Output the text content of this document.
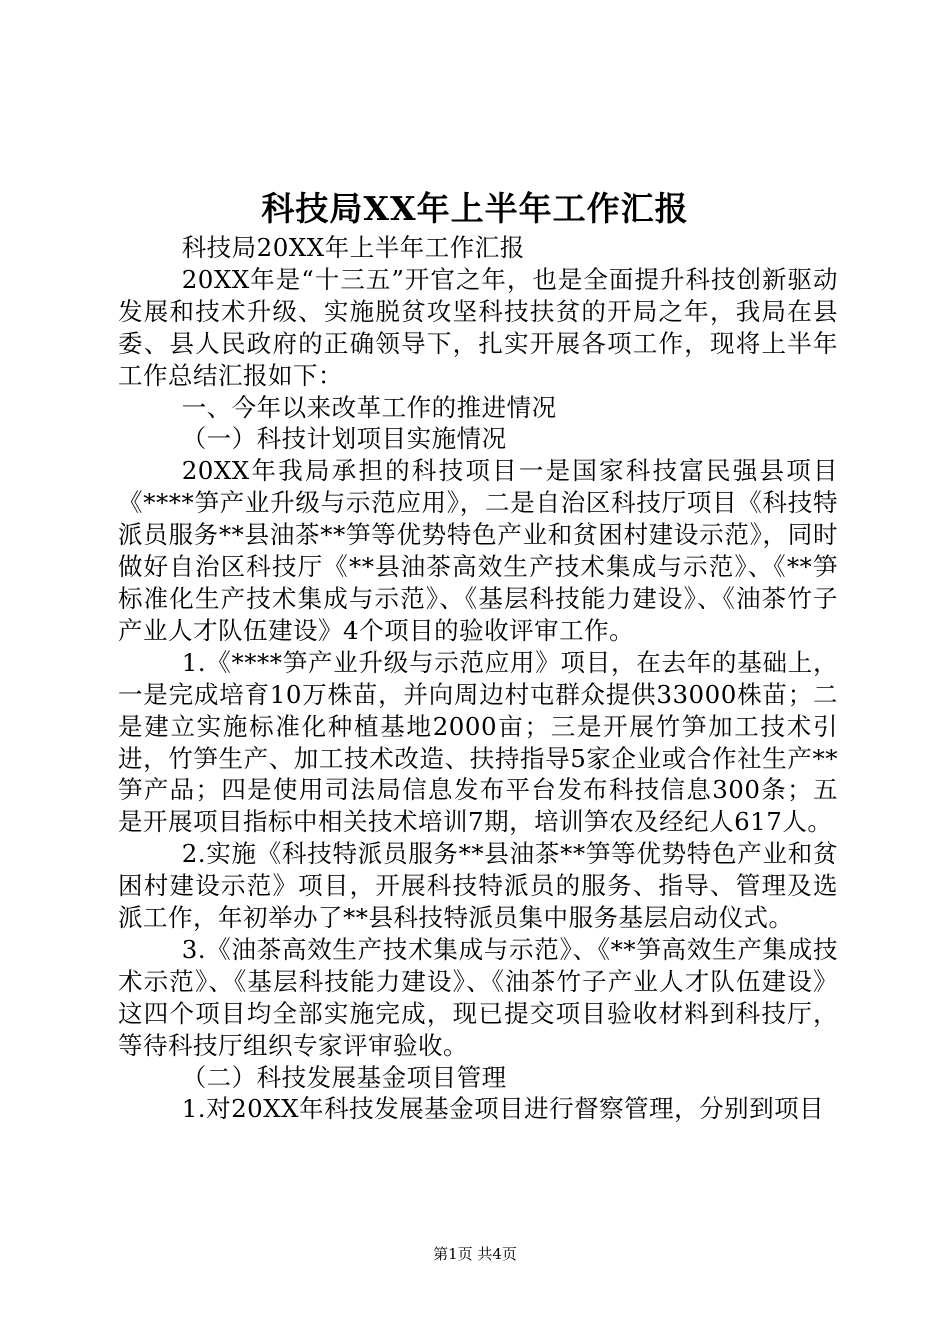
科技局XX年上半年工作汇报

科技局20XX年上半年工作汇报

20XX年是“十三五”开官之年，也是全面提升科技创新驱动发展和技术升级、实施脱贫攻坚科技扶贫的开局之年，我局在县委、县人民政府的正确领导下，扎实开展各项工作，现将上半年工作总结汇报如下：

一、今年以来改革工作的推进情况

（一）科技计划项目实施情况

20XX年我局承担的科技项目一是国家科技富民强县项目《****笋产业升级与示范应用》，二是自治区科技厅项目《科技特派员服务**县油茶**笋等优势特色产业和贫困村建设示范》，同时做好自治区科技厅《**县油茶高效生产技术集成与示范》、《**笋标准化生产技术集成与示范》、《基层科技能力建设》、《油茶竹子产业人才队伍建设》4个项目的验收评审工作。

1.《****笋产业升级与示范应用》项目，在去年的基础上，一是完成培育10万株苗，并向周边村屯群众提供33000株苗；二是建立实施标准化种植基地2000亩；三是开展竹笋加工技术引进，竹笋生产、加工技术改造、扶持指导5家企业或合作社生产**笋产品；四是使用司法局信息发布平台发布科技信息300条；五是开展项目指标中相关技术培训7期，培训笋农及经纪人617人。

2.实施《科技特派员服务**县油茶**笋等优势特色产业和贫困村建设示范》项目，开展科技特派员的服务、指导、管理及选派工作，年初举办了**县科技特派员集中服务基层启动仪式。

3.《油茶高效生产技术集成与示范》、《**笋高效生产集成技术示范》、《基层科技能力建设》、《油茶竹子产业人才队伍建设》这四个项目均全部实施完成，现已提交项目验收材料到科技厅，等待科技厅组织专家评审验收。

（二）科技发展基金项目管理

1.对20XX年科技发展基金项目进行督察管理，分别到项目

第1页 共4页
